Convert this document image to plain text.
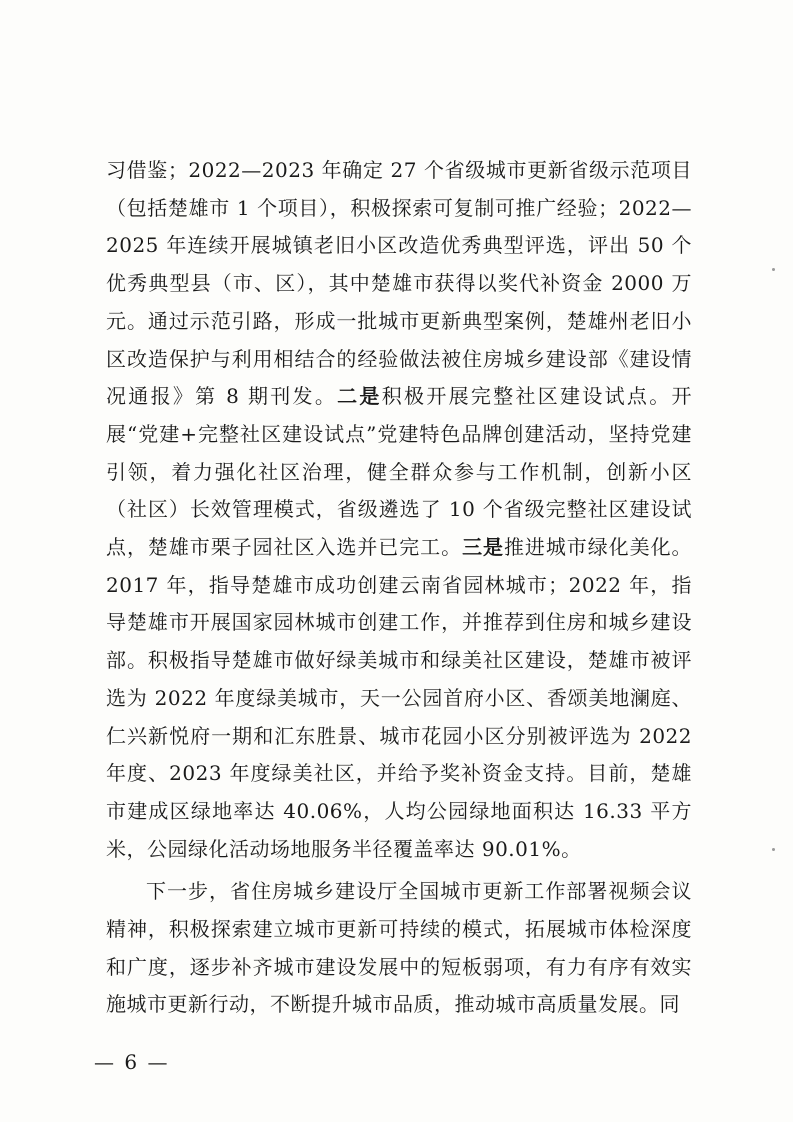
习借鉴；2022—2023 年确定 27 个省级城市更新省级示范项目（包括楚雄市 1 个项目），积极探索可复制可推广经验；2022—2025 年连续开展城镇老旧小区改造优秀典型评选，评出 50 个优秀典型县（市、区），其中楚雄市获得以奖代补资金 2000 万元。通过示范引路，形成一批城市更新典型案例，楚雄州老旧小区改造保护与利用相结合的经验做法被住房城乡建设部《建设情况通报》第 8 期刊发。二是积极开展完整社区建设试点。开展“党建+完整社区建设试点”党建特色品牌创建活动，坚持党建引领，着力强化社区治理，健全群众参与工作机制，创新小区（社区）长效管理模式，省级遴选了 10 个省级完整社区建设试点，楚雄市栗子园社区入选并已完工。三是推进城市绿化美化。2017 年，指导楚雄市成功创建云南省园林城市；2022 年，指导楚雄市开展国家园林城市创建工作，并推荐到住房和城乡建设部。积极指导楚雄市做好绿美城市和绿美社区建设，楚雄市被评选为 2022 年度绿美城市，天一公园首府小区、香颂美地澜庭、仁兴新悦府一期和汇东胜景、城市花园小区分别被评选为 2022 年度、2023 年度绿美社区，并给予奖补资金支持。目前，楚雄市建成区绿地率达 40.06%，人均公园绿地面积达 16.33 平方米，公园绿化活动场地服务半径覆盖率达 90.01%。

下一步，省住房城乡建设厅全国城市更新工作部署视频会议精神，积极探索建立城市更新可持续的模式，拓展城市体检深度和广度，逐步补齐城市建设发展中的短板弱项，有力有序有效实施城市更新行动，不断提升城市品质，推动城市高质量发展。同

— 6 —
